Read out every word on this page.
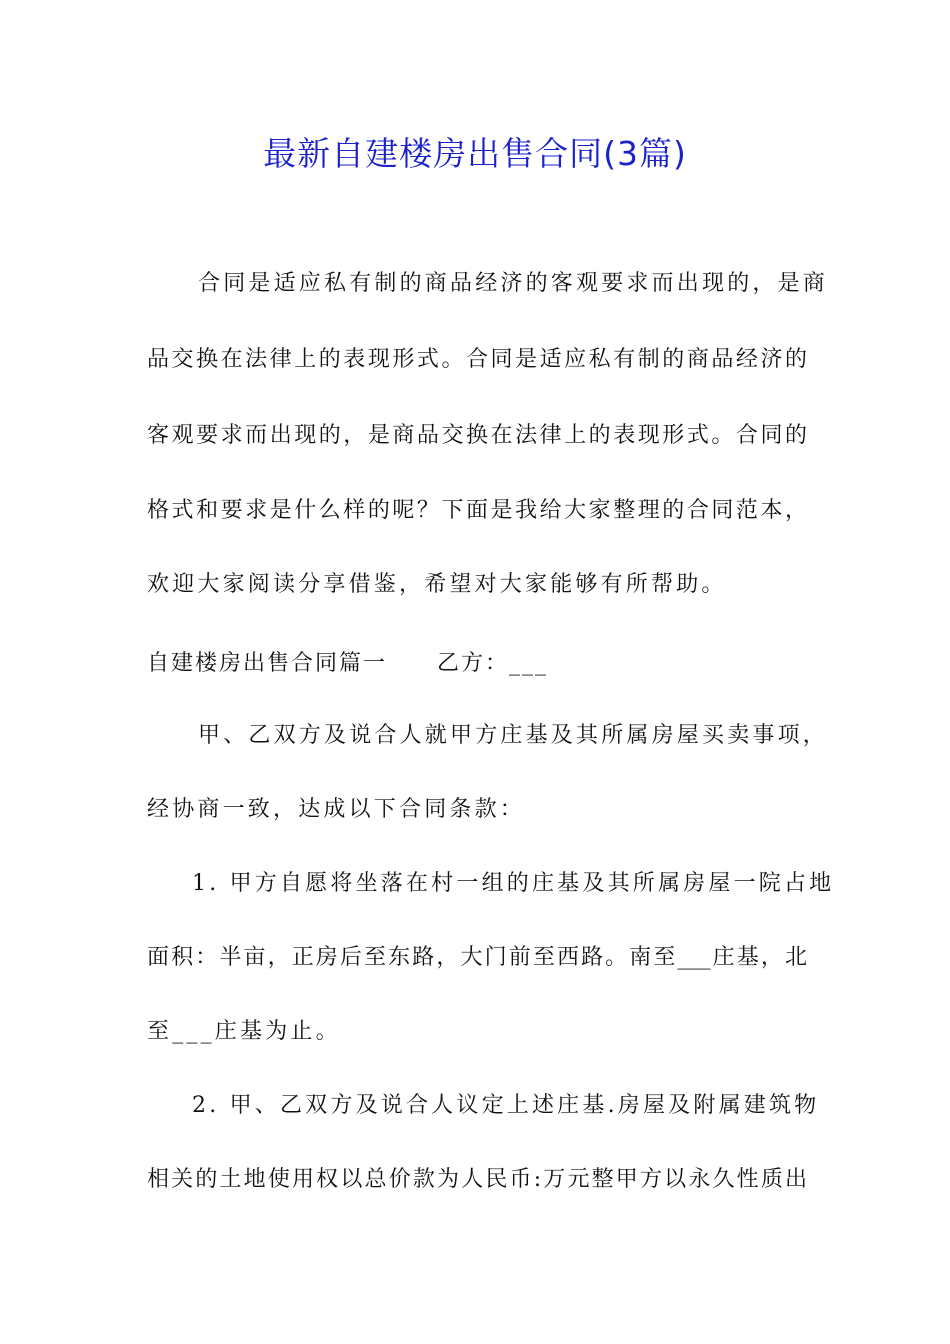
最新自建楼房出售合同(3篇)
合同是适应私有制的商品经济的客观要求而出现的，是商
品交换在法律上的表现形式。合同是适应私有制的商品经济的
客观要求而出现的，是商品交换在法律上的表现形式。合同的
格式和要求是什么样的呢？下面是我给大家整理的合同范本，
欢迎大家阅读分享借鉴，希望对大家能够有所帮助。
自建楼房出售合同篇一 乙方：___
甲、乙双方及说合人就甲方庄基及其所属房屋买卖事项，
经协商一致，达成以下合同条款：
1. 甲方自愿将坐落在村一组的庄基及其所属房屋一院占地
面积：半亩，正房后至东路，大门前至西路。南至___庄基，北
至___庄基为止。
2. 甲、乙双方及说合人议定上述庄基.房屋及附属建筑物
相关的土地使用权以总价款为人民币:万元整甲方以永久性质出
